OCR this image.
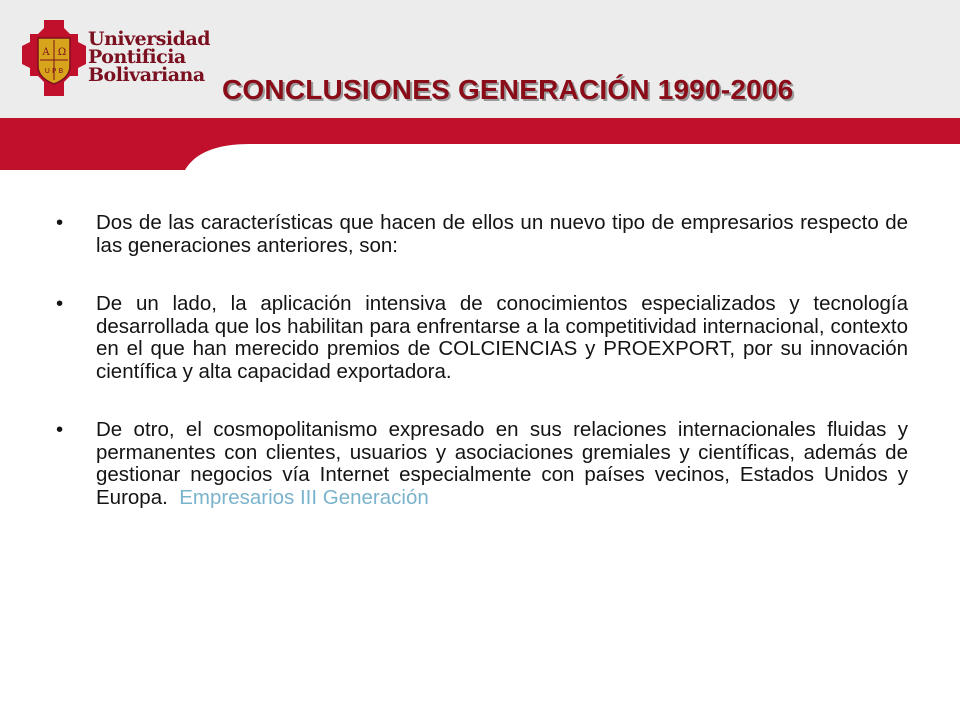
A Ω
U P B
Universidad
Pontificia
Bolivariana CONCLUSIONES GENERACIÓN 1990-2006
• Dos de las características que hacen de ellos un nuevo tipo de empresarios respecto de las generaciones anteriores, son:
• De un lado, la aplicación intensiva de conocimientos especializados y tecnología desarrollada que los habilitan para enfrentarse a la competitividad internacional, contexto en el que han merecido premios de COLCIENCIAS y PROEXPORT, por su innovación científica y alta capacidad exportadora.
• De otro, el cosmopolitanismo expresado en sus relaciones internacionales fluidas y permanentes con clientes, usuarios y asociaciones gremiales y científicas, además de gestionar negocios vía Internet especialmente con países vecinos, Estados Unidos y Europa. Empresarios III Generación
